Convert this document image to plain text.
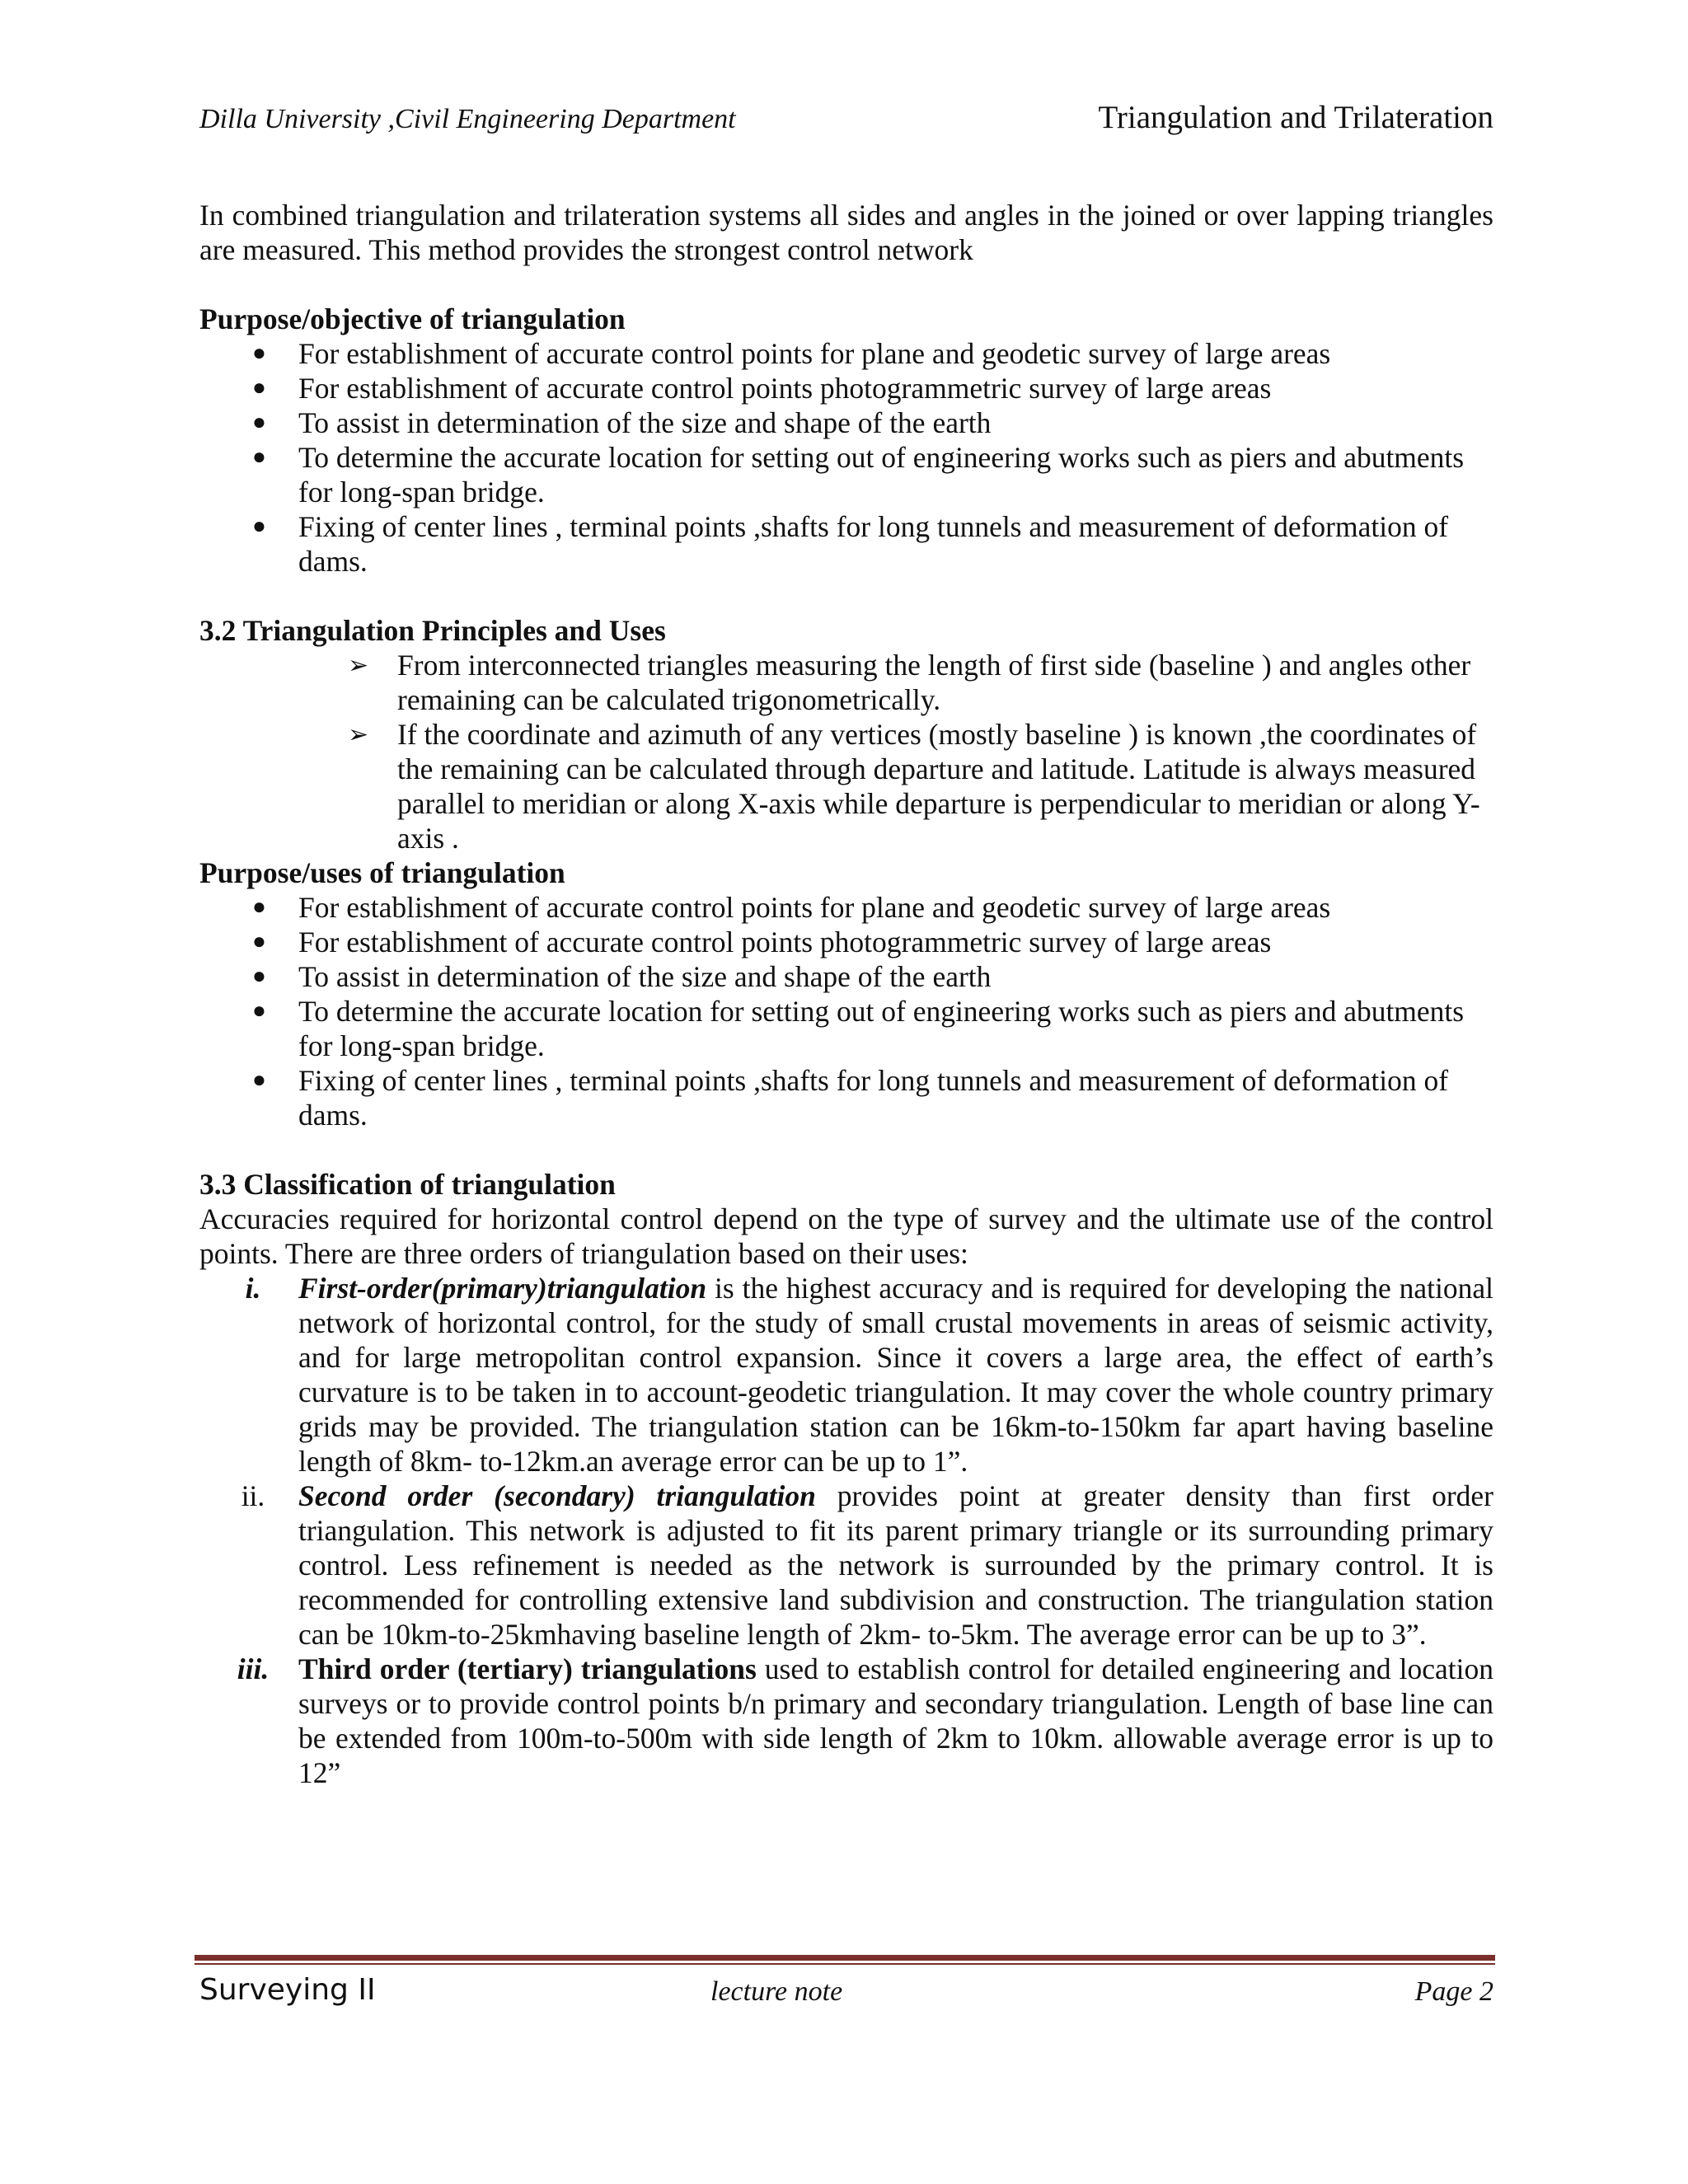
Dilla University ,Civil Engineering Department	Triangulation and Trilateration

In combined triangulation and trilateration systems all sides and angles in the joined or over lapping triangles are measured. This method provides the strongest control network

Purpose/objective of triangulation
● For establishment of accurate control points for plane and geodetic survey of large areas
● For establishment of accurate control points photogrammetric survey of large areas
● To assist in determination of the size and shape of the earth
● To determine the accurate location for setting out of engineering works such as piers and abutments for long-span bridge.
● Fixing of center lines , terminal points ,shafts for long tunnels and measurement of deformation of dams.
3.2 Triangulation Principles and Uses
➢ From interconnected triangles measuring the length of first side (baseline ) and angles other remaining can be calculated trigonometrically.
➢ If the coordinate and azimuth of any vertices (mostly baseline ) is known ,the coordinates of the remaining can be calculated through departure and latitude. Latitude is always measured parallel to meridian or along X-axis while departure is perpendicular to meridian or along Y-axis .
Purpose/uses of triangulation
● For establishment of accurate control points for plane and geodetic survey of large areas
● For establishment of accurate control points photogrammetric survey of large areas
● To assist in determination of the size and shape of the earth
● To determine the accurate location for setting out of engineering works such as piers and abutments for long-span bridge.
● Fixing of center lines , terminal points ,shafts for long tunnels and measurement of deformation of dams.
3.3 Classification of triangulation

Accuracies required for horizontal control depend on the type of survey and the ultimate use of the control points. There are three orders of triangulation based on their uses:

i.	First-order(primary)triangulation is the highest accuracy and is required for developing the national network of horizontal control, for the study of small crustal movements in areas of seismic activity, and for large metropolitan control expansion. Since it covers a large area, the effect of earth’s curvature is to be taken in to account-geodetic triangulation. It may cover the whole country primary grids may be provided. The triangulation station can be 16km-to-150km far apart having baseline length of 8km- to-12km.an average error can be up to 1”.
ii.	Second order (secondary) triangulation provides point at greater density than first order triangulation. This network is adjusted to fit its parent primary triangle or its surrounding primary control. Less refinement is needed as the network is surrounded by the primary control. It is recommended for controlling extensive land subdivision and construction. The triangulation station can be 10km-to-25kmhaving baseline length of 2km- to-5km. The average error can be up to 3”.
iii.	Third order (tertiary) triangulations used to establish control for detailed engineering and location surveys or to provide control points b/n primary and secondary triangulation. Length of base line can be extended from 100m-to-500m with side length of 2km to 10km. allowable average error is up to 12”
Surveying II	lecture note	Page 2
